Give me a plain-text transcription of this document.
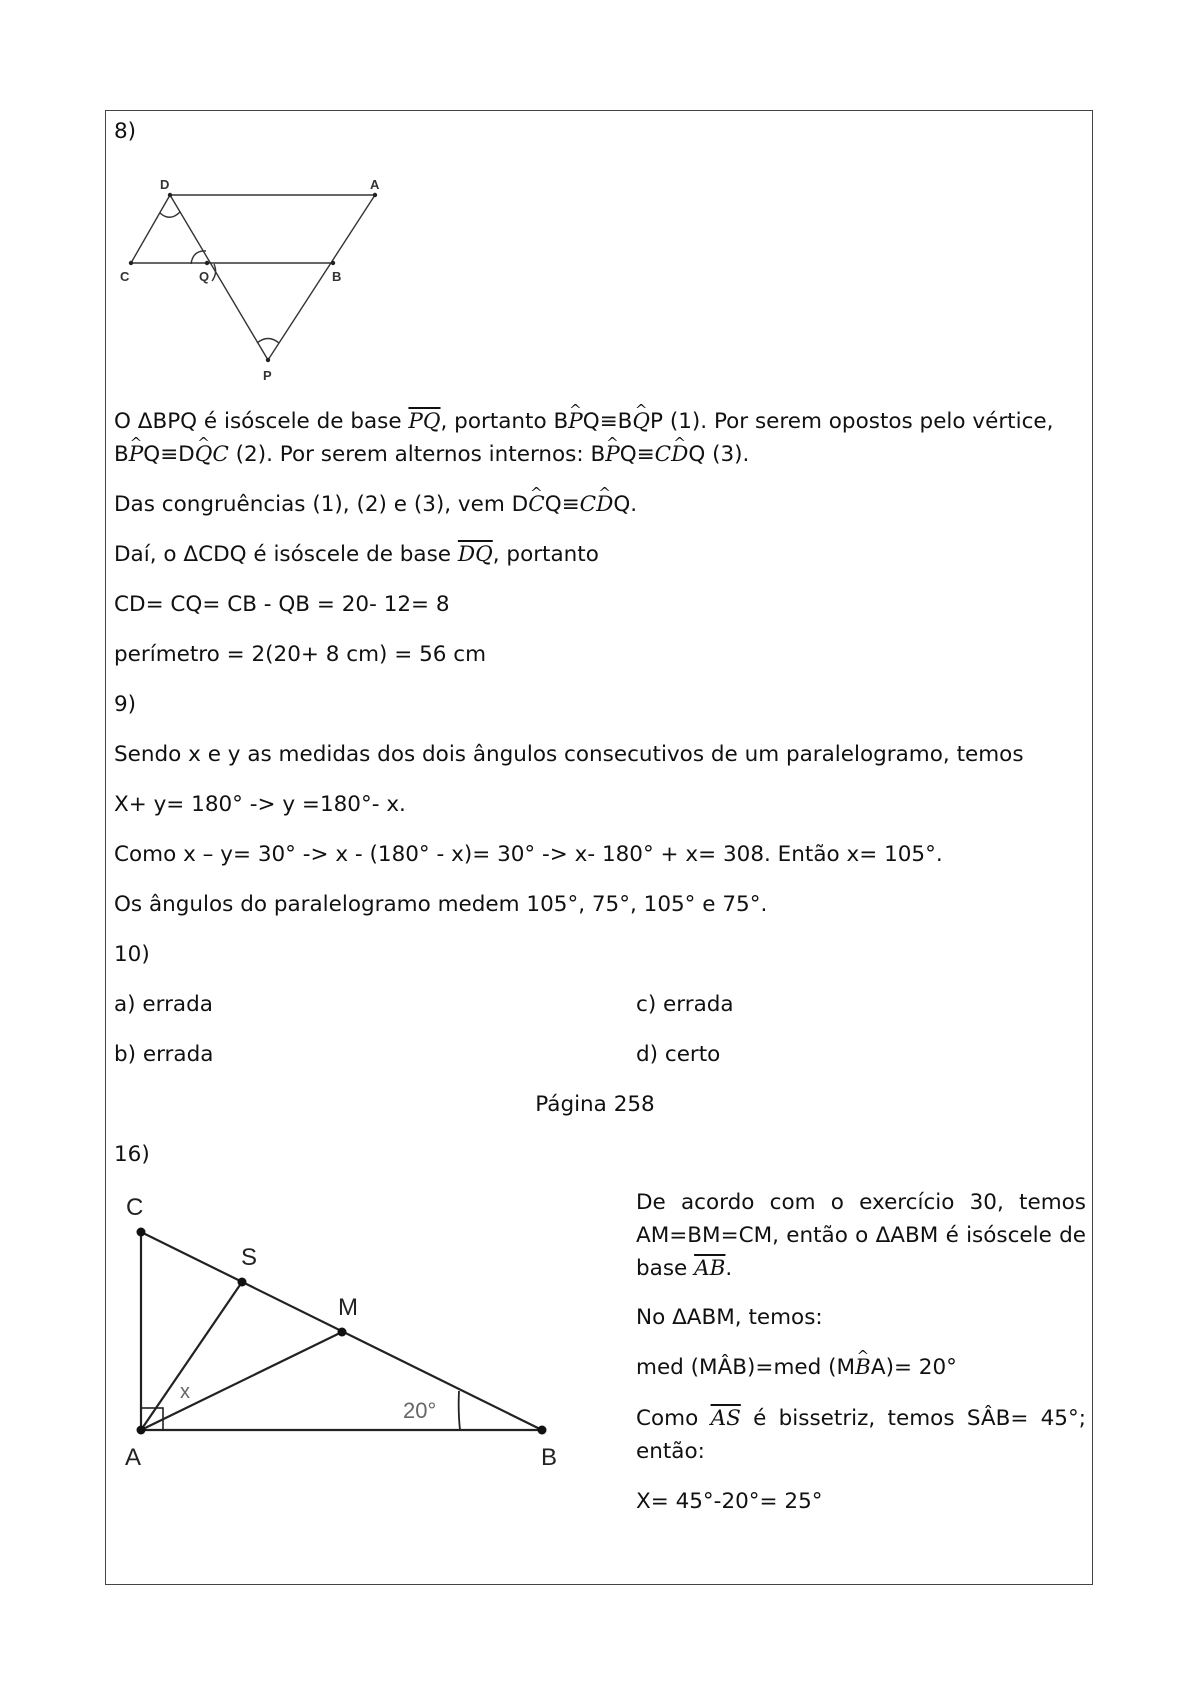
8)
D	A
C	Q	B
P
O ΔBPQ é isóscele de base $\overline{PQ}$, portanto BP ^Q≡BQ ^P (1). Por serem opostos pelo vértice,
BP ^Q≡DQ ^C (2). Por serem alternos internos: BP ^Q≡CD ^Q (3).
Das congruências (1), (2) e (3), vem DC ^Q≡CD ^Q.
Daí, o ΔCDQ é isóscele de base $\overline{DQ}$, portanto
CD= CQ= CB - QB = 20- 12= 8
perímetro = 2(20+ 8 cm) = 56 cm
9)
Sendo x e y as medidas dos dois ângulos consecutivos de um paralelogramo, temos
X+ y= 180° -> y =180°- x.
Como x – y= 30° -> x - (180° - x)= 30° -> x- 180° + x= 308. Então x= 105°.
Os ângulos do paralelogramo medem 105°, 75°, 105° e 75°.
10)
a) errada	c) errada
b) errada	d) certo
Página 258
16)
C
S
M
A	B
x
20°
De acordo com o exercício 30, temos AM=BM=CM, então o ΔABM é isóscele de base $\overline{AB}$.
No ΔABM, temos:
med (MÂB)=med (MB ^A)= 20°
Como $\overline{AS}$ é bissetriz, temos SÂB= 45°; então:
X= 45°-20°= 25°
